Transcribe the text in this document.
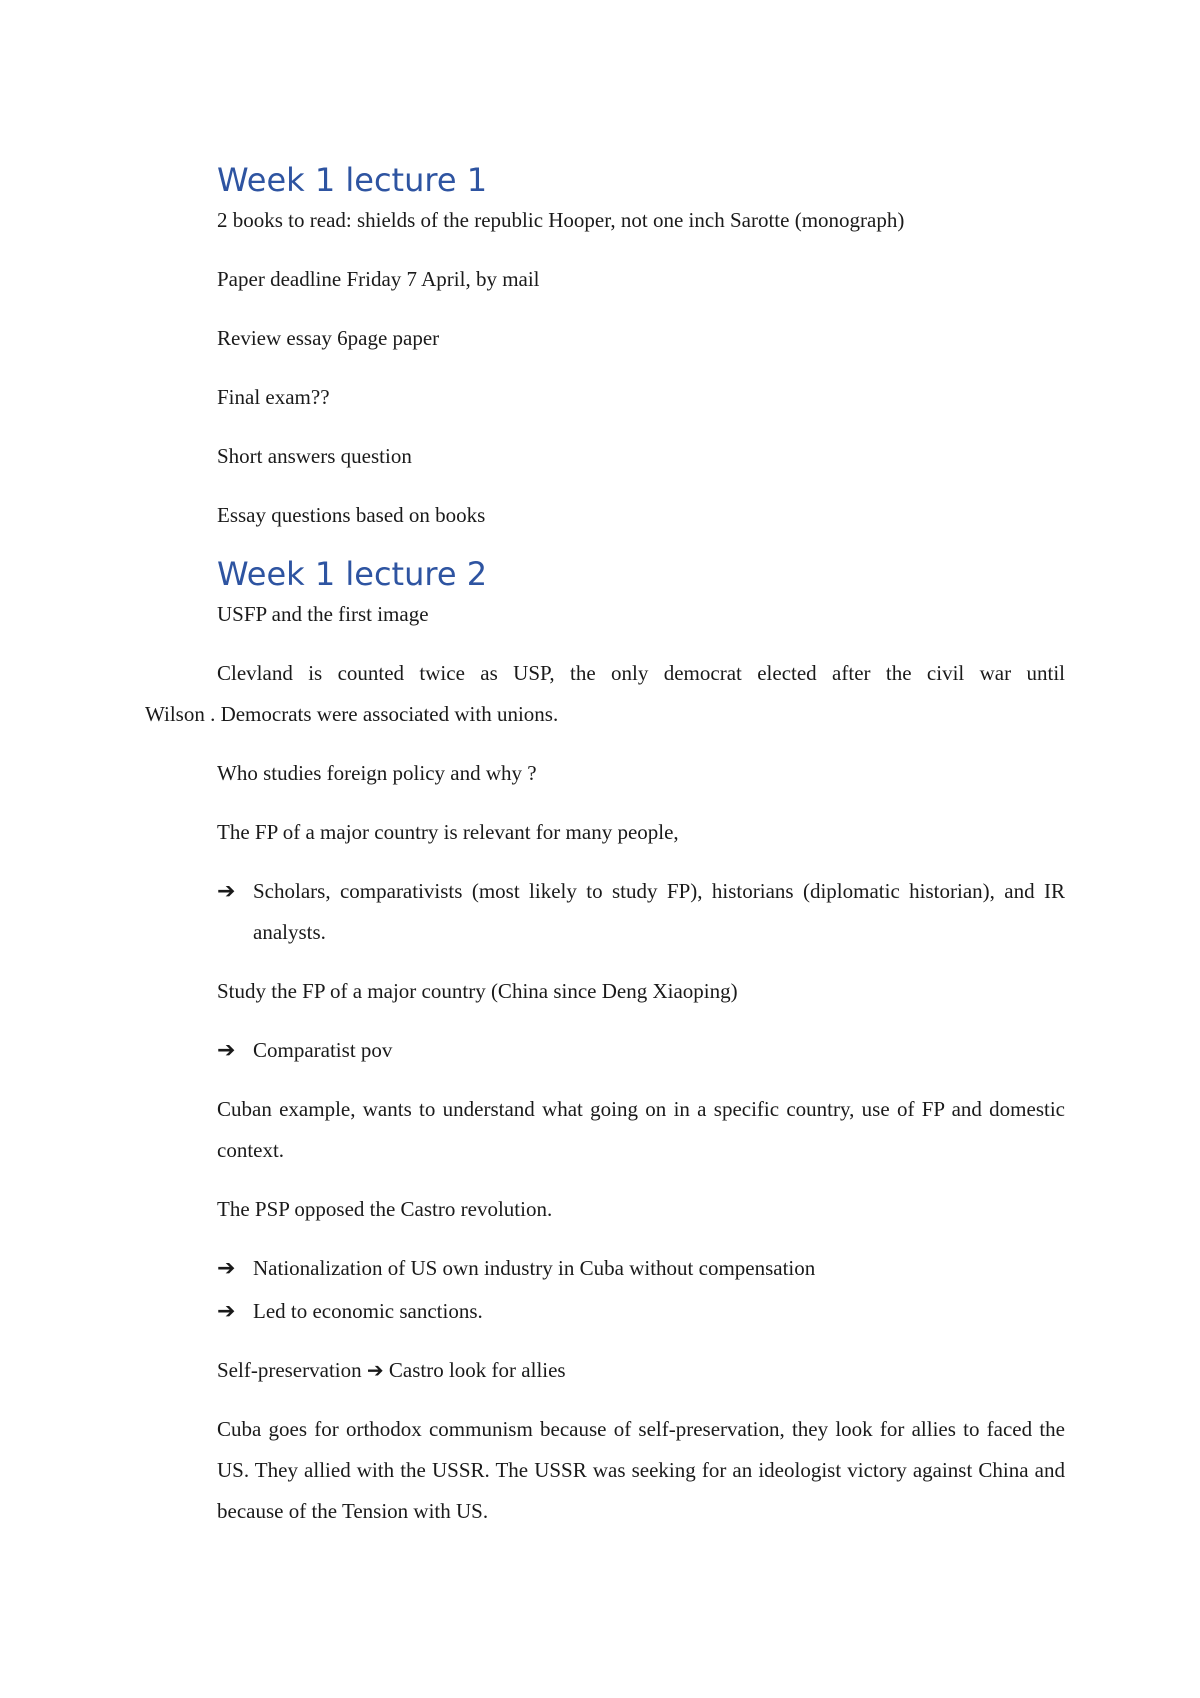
Week 1 lecture 1

2 books to read: shields of the republic Hooper, not one inch Sarotte (monograph)

Paper deadline Friday 7 April, by mail

Review essay 6page paper

Final exam??

Short answers question

Essay questions based on books

Week 1 lecture 2

USFP and the first image

Clevland is counted twice as USP, the only democrat elected after the civil war until
Wilson . Democrats were associated with unions.

Who studies foreign policy and why ?

The FP of a major country is relevant for many people,

➔ Scholars, comparativists (most likely to study FP), historians (diplomatic historian), and IR analysts.

Study the FP of a major country (China since Deng Xiaoping)

➔ Comparatist pov

Cuban example, wants to understand what going on in a specific country, use of FP and domestic context.

The PSP opposed the Castro revolution.

➔ Nationalization of US own industry in Cuba without compensation
➔ Led to economic sanctions.

Self-preservation ➔ Castro look for allies

Cuba goes for orthodox communism because of self-preservation, they look for allies to faced the US. They allied with the USSR. The USSR was seeking for an ideologist victory against China and because of the Tension with US.
